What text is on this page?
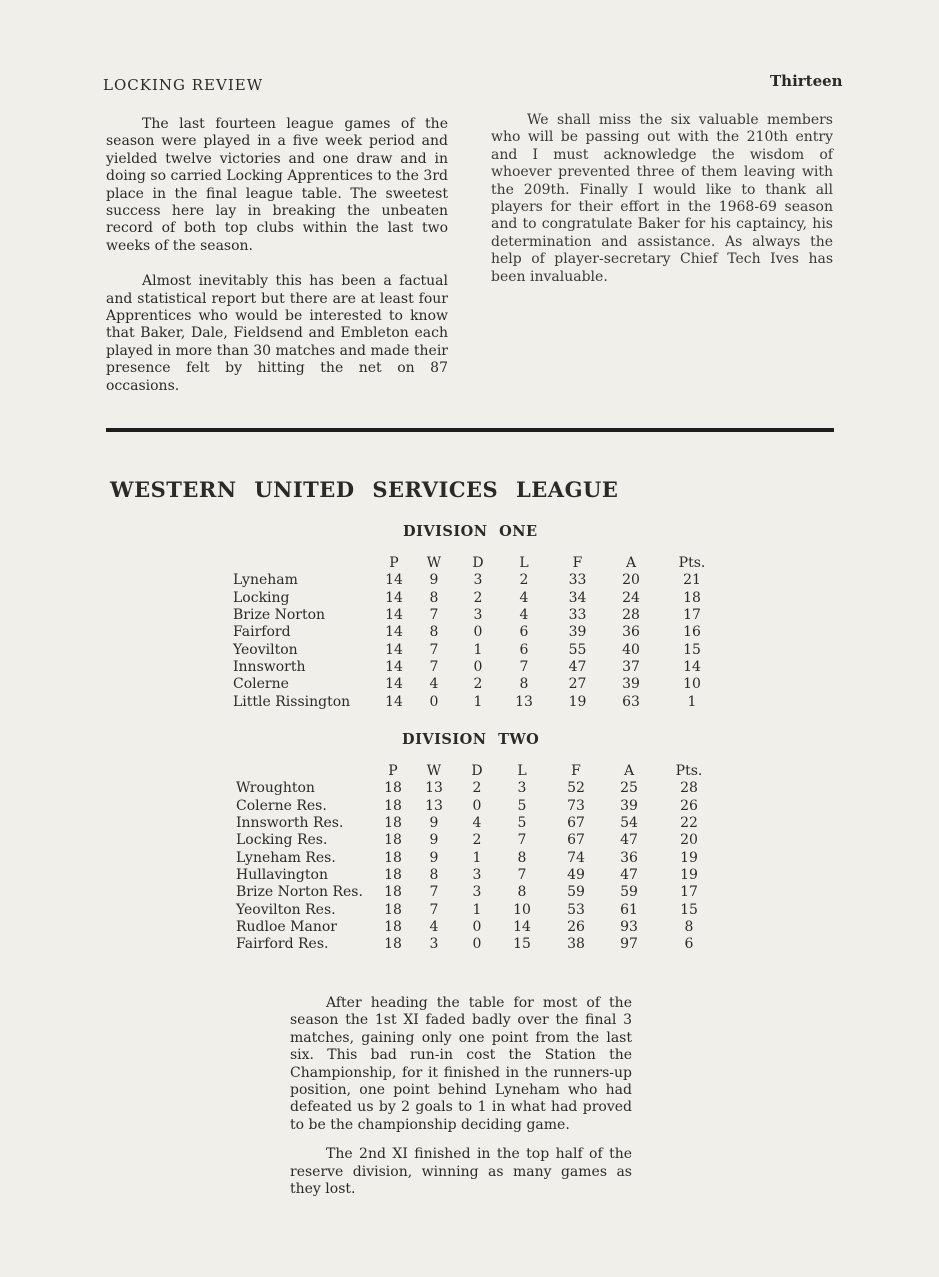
LOCKING REVIEW	Thirteen

The last fourteen league games of the season were played in a five week period and yielded twelve victories and one draw and in doing so carried Locking Apprentices to the 3rd place in the final league table. The sweetest success here lay in breaking the unbeaten record of both top clubs within the last two weeks of the season.

Almost inevitably this has been a factual and statistical report but there are at least four Apprentices who would be interested to know that Baker, Dale, Fieldsend and Embleton each played in more than 30 matches and made their presence felt by hitting the net on 87 occasions.

We shall miss the six valuable members who will be passing out with the 210th entry and I must acknowledge the wisdom of whoever prevented three of them leaving with the 209th. Finally I would like to thank all players for their effort in the 1968-69 season and to congratulate Baker for his captaincy, his determination and assistance. As always the help of player-secretary Chief Tech Ives has been invaluable.

WESTERN UNITED SERVICES LEAGUE
DIVISION ONE
	P	W	D	L	F	A	Pts.
Lyneham	14	9	3	2	33	20	21
Locking	14	8	2	4	34	24	18
Brize Norton	14	7	3	4	33	28	17
Fairford	14	8	0	6	39	36	16
Yeovilton	14	7	1	6	55	40	15
Innsworth	14	7	0	7	47	37	14
Colerne	14	4	2	8	27	39	10
Little Rissington	14	0	1	13	19	63	1
DIVISION TWO
	P	W	D	L	F	A	Pts.
Wroughton	18	13	2	3	52	25	28
Colerne Res.	18	13	0	5	73	39	26
Innsworth Res.	18	9	4	5	67	54	22
Locking Res.	18	9	2	7	67	47	20
Lyneham Res.	18	9	1	8	74	36	19
Hullavington	18	8	3	7	49	47	19
Brize Norton Res.	18	7	3	8	59	59	17
Yeovilton Res.	18	7	1	10	53	61	15
Rudloe Manor	18	4	0	14	26	93	8
Fairford Res.	18	3	0	15	38	97	6

After heading the table for most of the season the 1st XI faded badly over the final 3 matches, gaining only one point from the last six. This bad run-in cost the Station the Championship, for it finished in the runners-up position, one point behind Lyneham who had defeated us by 2 goals to 1 in what had proved to be the championship deciding game.

The 2nd XI finished in the top half of the reserve division, winning as many games as they lost.
